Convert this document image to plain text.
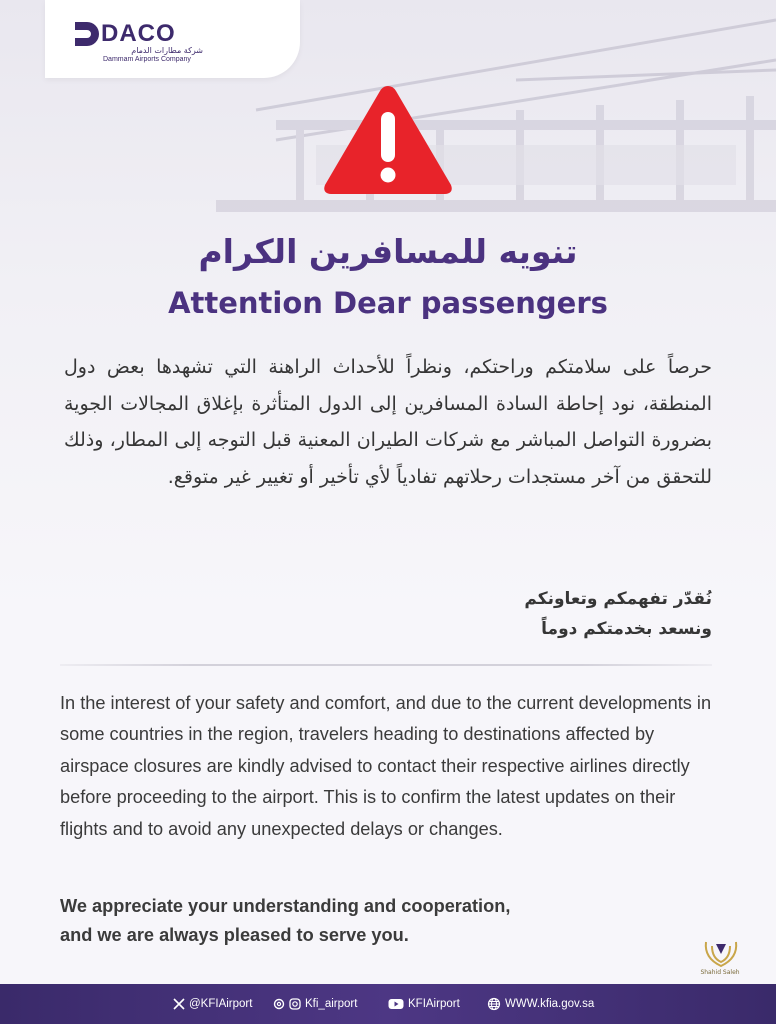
DACO
شركة مطارات الدمام
Dammam Airports Company
تنويه للمسافرين الكرام
Attention Dear passengers
حرصاً على سلامتكم وراحتكم، ونظراً للأحداث الراهنة التي تشهدها بعض دول المنطقة، نود إحاطة السادة المسافرين إلى الدول المتأثرة بإغلاق المجالات الجوية بضرورة التواصل المباشر مع شركات الطيران المعنية قبل التوجه إلى المطار، وذلك للتحقق من آخر مستجدات رحلاتهم تفادياً لأي تأخير أو تغيير غير متوقع.
نُقدّر تفهمكم وتعاونكم
ونسعد بخدمتكم دوماً
In the interest of your safety and comfort, and due to the current developments in some countries in the region, travelers heading to destinations affected by airspace closures are kindly advised to contact their respective airlines directly before proceeding to the airport. This is to confirm the latest updates on their flights and to avoid any unexpected delays or changes.
We appreciate your understanding and cooperation,
and we are always pleased to serve you.
Shahid Saleh
@KFIAirport	Kfi_airport	KFIAirport	WWW.kfia.gov.sa
